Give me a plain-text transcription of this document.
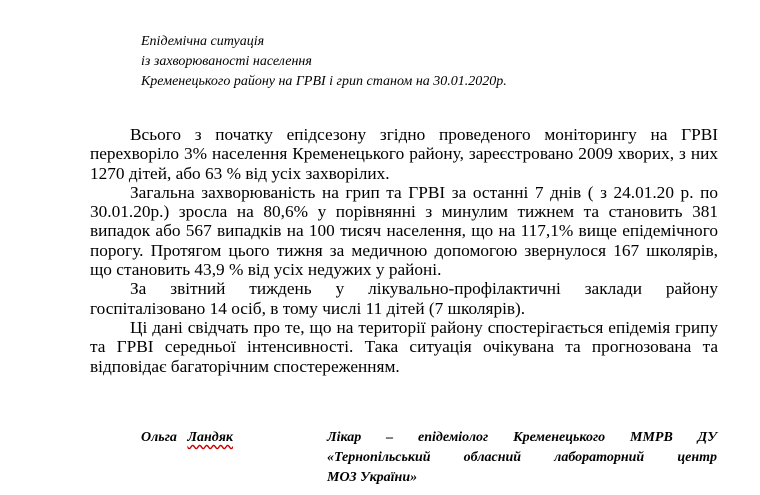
Епідемічна ситуація
із захворюваності населення
Кременецького району на ГРВІ і грип станом на 30.01.2020р.

Всього з початку епідсезону згідно проведеного моніторингу на ГРВІ перехворіло 3% населення Кременецького району, зареєстровано 2009 хворих, з них 1270 дітей, або 63 % від усіх захворілих.

Загальна захворюваність на грип та ГРВІ за останні 7 днів ( з 24.01.20 р. по 30.01.20р.) зросла на 80,6% у порівнянні з минулим тижнем та становить 381 випадок або 567 випадків на 100 тисяч населення, що на 117,1% вище епідемічного порогу. Протягом цього тижня за медичною допомогою звернулося 167 школярів, що становить 43,9 % від усіх недужих у районі.

За звітний тиждень у лікувально-профілактичні заклади району госпіталізовано 14 осіб, в тому числі 11 дітей (7 школярів).

Ці дані свідчать про те, що на території району спостерігається епідемія грипу та ГРВІ середньої інтенсивності. Така ситуація очікувана та прогнозована та відповідає багаторічним спостереженням.

Ольга Ландяк	Лікар – епідеміолог Кременецького ММРВ ДУ
«Тернопільський обласний лабораторний центр
МОЗ України»
